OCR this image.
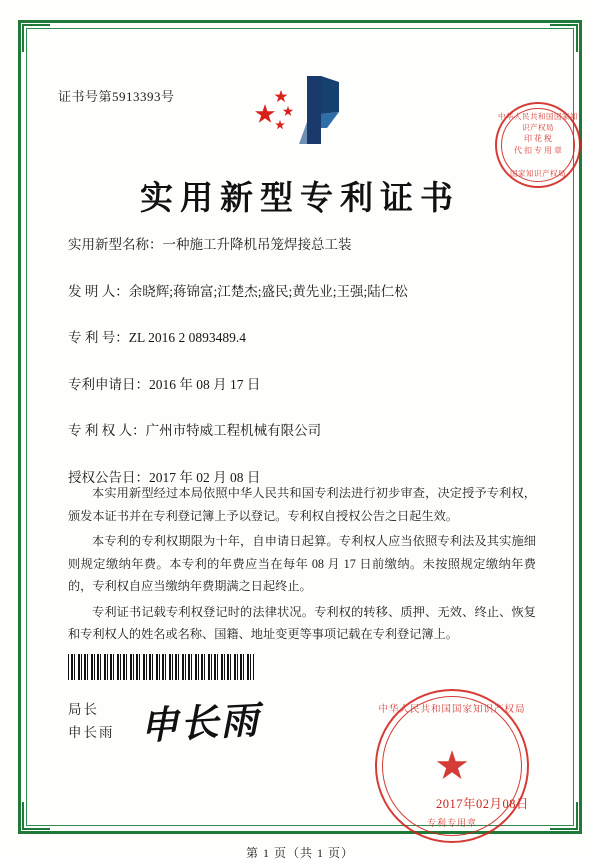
证书号第5913393号
中华人民共和国国家知识产权局
印 花 税
代 扣 专 用 章
国家知识产权局
实用新型专利证书
实用新型名称：一种施工升降机吊笼焊接总工装
发 明 人：余晓辉;蒋锦富;江楚杰;盛民;黄先业;王强;陆仁松
专 利 号：ZL 2016 2 0893489.4
专利申请日：2016 年 08 月 17 日
专 利 权 人：广州市特威工程机械有限公司
授权公告日：2017 年 02 月 08 日

本实用新型经过本局依照中华人民共和国专利法进行初步审查，决定授予专利权，颁发本证书并在专利登记簿上予以登记。专利权自授权公告之日起生效。

本专利的专利权期限为十年，自申请日起算。专利权人应当依照专利法及其实施细则规定缴纳年费。本专利的年费应当在每年 08 月 17 日前缴纳。未按照规定缴纳年费的，专利权自应当缴纳年费期满之日起终止。

专利证书记载专利权登记时的法律状况。专利权的转移、质押、无效、终止、恢复和专利权人的姓名或名称、国籍、地址变更等事项记载在专利登记簿上。

局长
申长雨 申长雨	中华人民共和国国家知识产权局
★
专利专用章
2017年02月08日
第 1 页（共 1 页）
